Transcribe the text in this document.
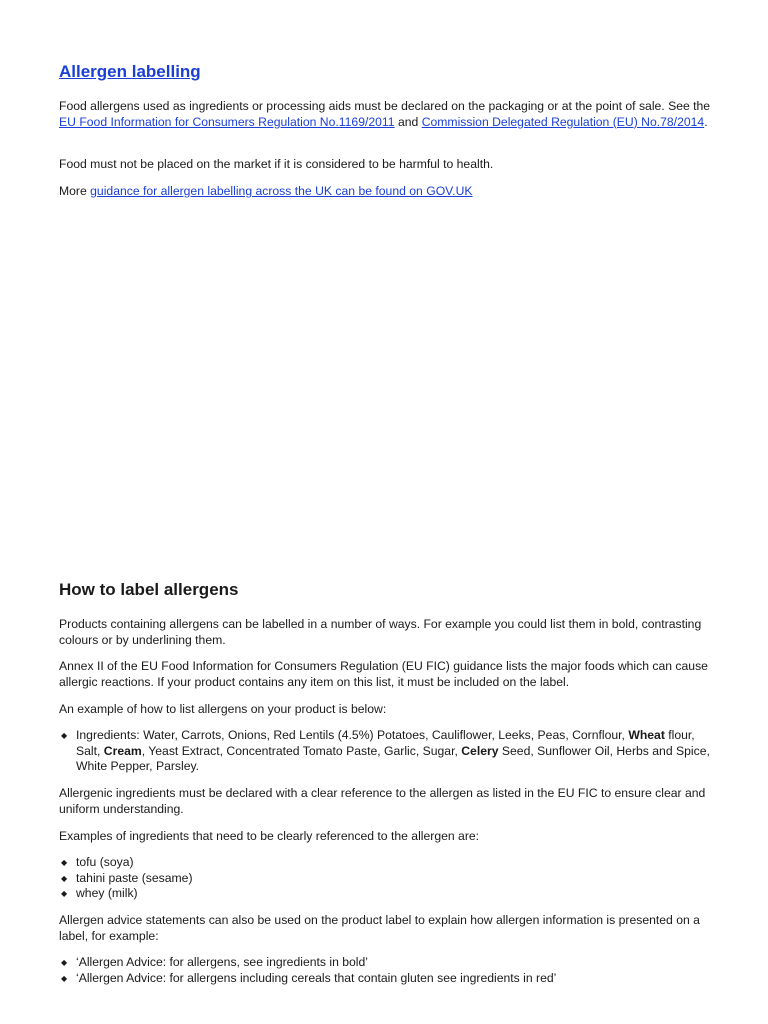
Allergen labelling

Food allergens used as ingredients or processing aids must be declared on the packaging or at the point of sale. See the EU Food Information for Consumers Regulation No.1169/2011 and Commission Delegated Regulation (EU) No.78/2014.

Food must not be placed on the market if it is considered to be harmful to health.

More guidance for allergen labelling across the UK can be found on GOV.UK

How to label allergens

Products containing allergens can be labelled in a number of ways. For example you could list them in bold, contrasting colours or by underlining them.

Annex II of the EU Food Information for Consumers Regulation (EU FIC) guidance lists the major foods which can cause allergic reactions. If your product contains any item on this list, it must be included on the label.

An example of how to list allergens on your product is below:

◆ Ingredients: Water, Carrots, Onions, Red Lentils (4.5%) Potatoes, Cauliflower, Leeks, Peas, Cornflour, Wheat flour, Salt, Cream, Yeast Extract, Concentrated Tomato Paste, Garlic, Sugar, Celery Seed, Sunflower Oil, Herbs and Spice, White Pepper, Parsley.

Allergenic ingredients must be declared with a clear reference to the allergen as listed in the EU FIC to ensure clear and uniform understanding.

Examples of ingredients that need to be clearly referenced to the allergen are:

◆ tofu (soya)
◆ tahini paste (sesame)
◆ whey (milk)

Allergen advice statements can also be used on the product label to explain how allergen information is presented on a label, for example:

◆ ‘Allergen Advice: for allergens, see ingredients in bold’
◆ ‘Allergen Advice: for allergens including cereals that contain gluten see ingredients in red’
